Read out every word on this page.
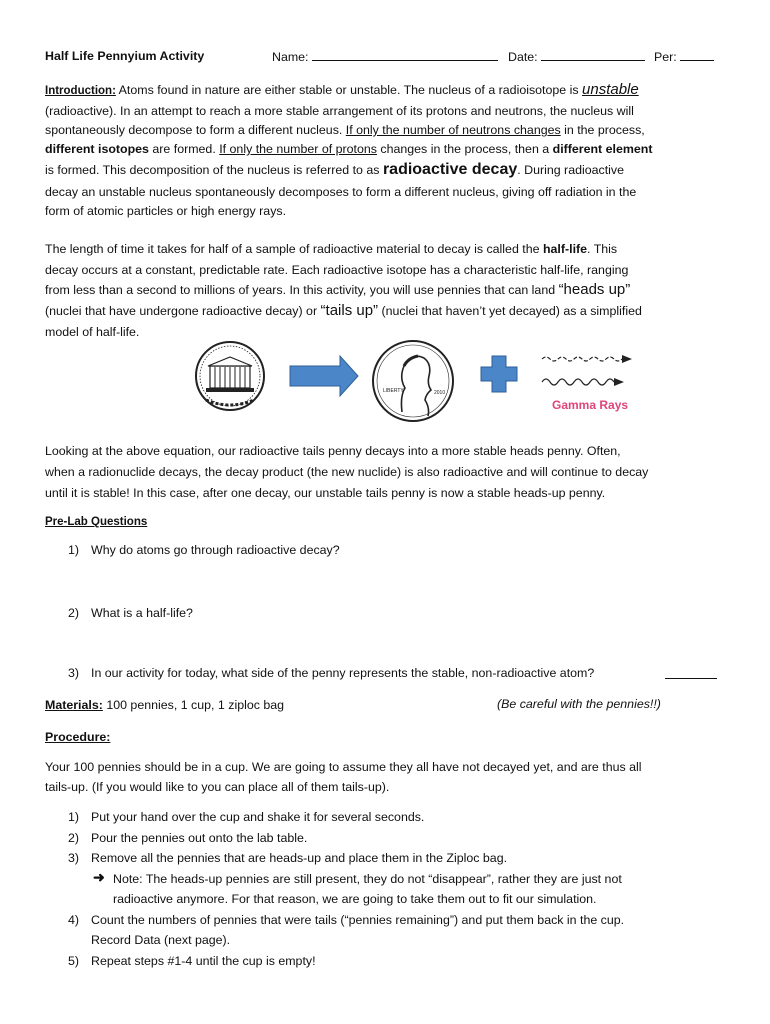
Half Life Pennyium Activity	Name:	Date:	Per:
Introduction: Atoms found in nature are either stable or unstable. The nucleus of a radioisotope is unstable
(radioactive). In an attempt to reach a more stable arrangement of its protons and neutrons, the nucleus will
spontaneously decompose to form a different nucleus. If only the number of neutrons changes in the process,
different isotopes are formed. If only the number of protons changes in the process, then a different element
is formed. This decomposition of the nucleus is referred to as radioactive decay. During radioactive
decay an unstable nucleus spontaneously decomposes to form a different nucleus, giving off radiation in the
form of atomic particles or high energy rays.
The length of time it takes for half of a sample of radioactive material to decay is called the half-life. This
decay occurs at a constant, predictable rate. Each radioactive isotope has a characteristic half-life, ranging
from less than a second to millions of years. In this activity, you will use pennies that can land “heads up”
(nuclei that have undergone radioactive decay) or “tails up” (nuclei that haven’t yet decayed) as a simplified
model of half-life.
LIBERTY	2010
Gamma Rays
Looking at the above equation, our radioactive tails penny decays into a more stable heads penny. Often,
when a radionuclide decays, the decay product (the new nuclide) is also radioactive and will continue to decay
until it is stable! In this case, after one decay, our unstable tails penny is now a stable heads-up penny.
Pre-Lab Questions
1) Why do atoms go through radioactive decay?
2) What is a half-life?
3) In our activity for today, what side of the penny represents the stable, non-radioactive atom?
Materials: 100 pennies, 1 cup, 1 ziploc bag	(Be careful with the pennies!!)
Procedure:
Your 100 pennies should be in a cup. We are going to assume they all have not decayed yet, and are thus all
tails-up. (If you would like to you can place all of them tails-up).
1) Put your hand over the cup and shake it for several seconds.
2) Pour the pennies out onto the lab table.
3) Remove all the pennies that are heads-up and place them in the Ziploc bag.
➜ Note: The heads-up pennies are still present, they do not “disappear”, rather they are just not
radioactive anymore. For that reason, we are going to take them out to fit our simulation.
4) Count the numbers of pennies that were tails (“pennies remaining”) and put them back in the cup.
Record Data (next page).
5) Repeat steps #1-4 until the cup is empty!
